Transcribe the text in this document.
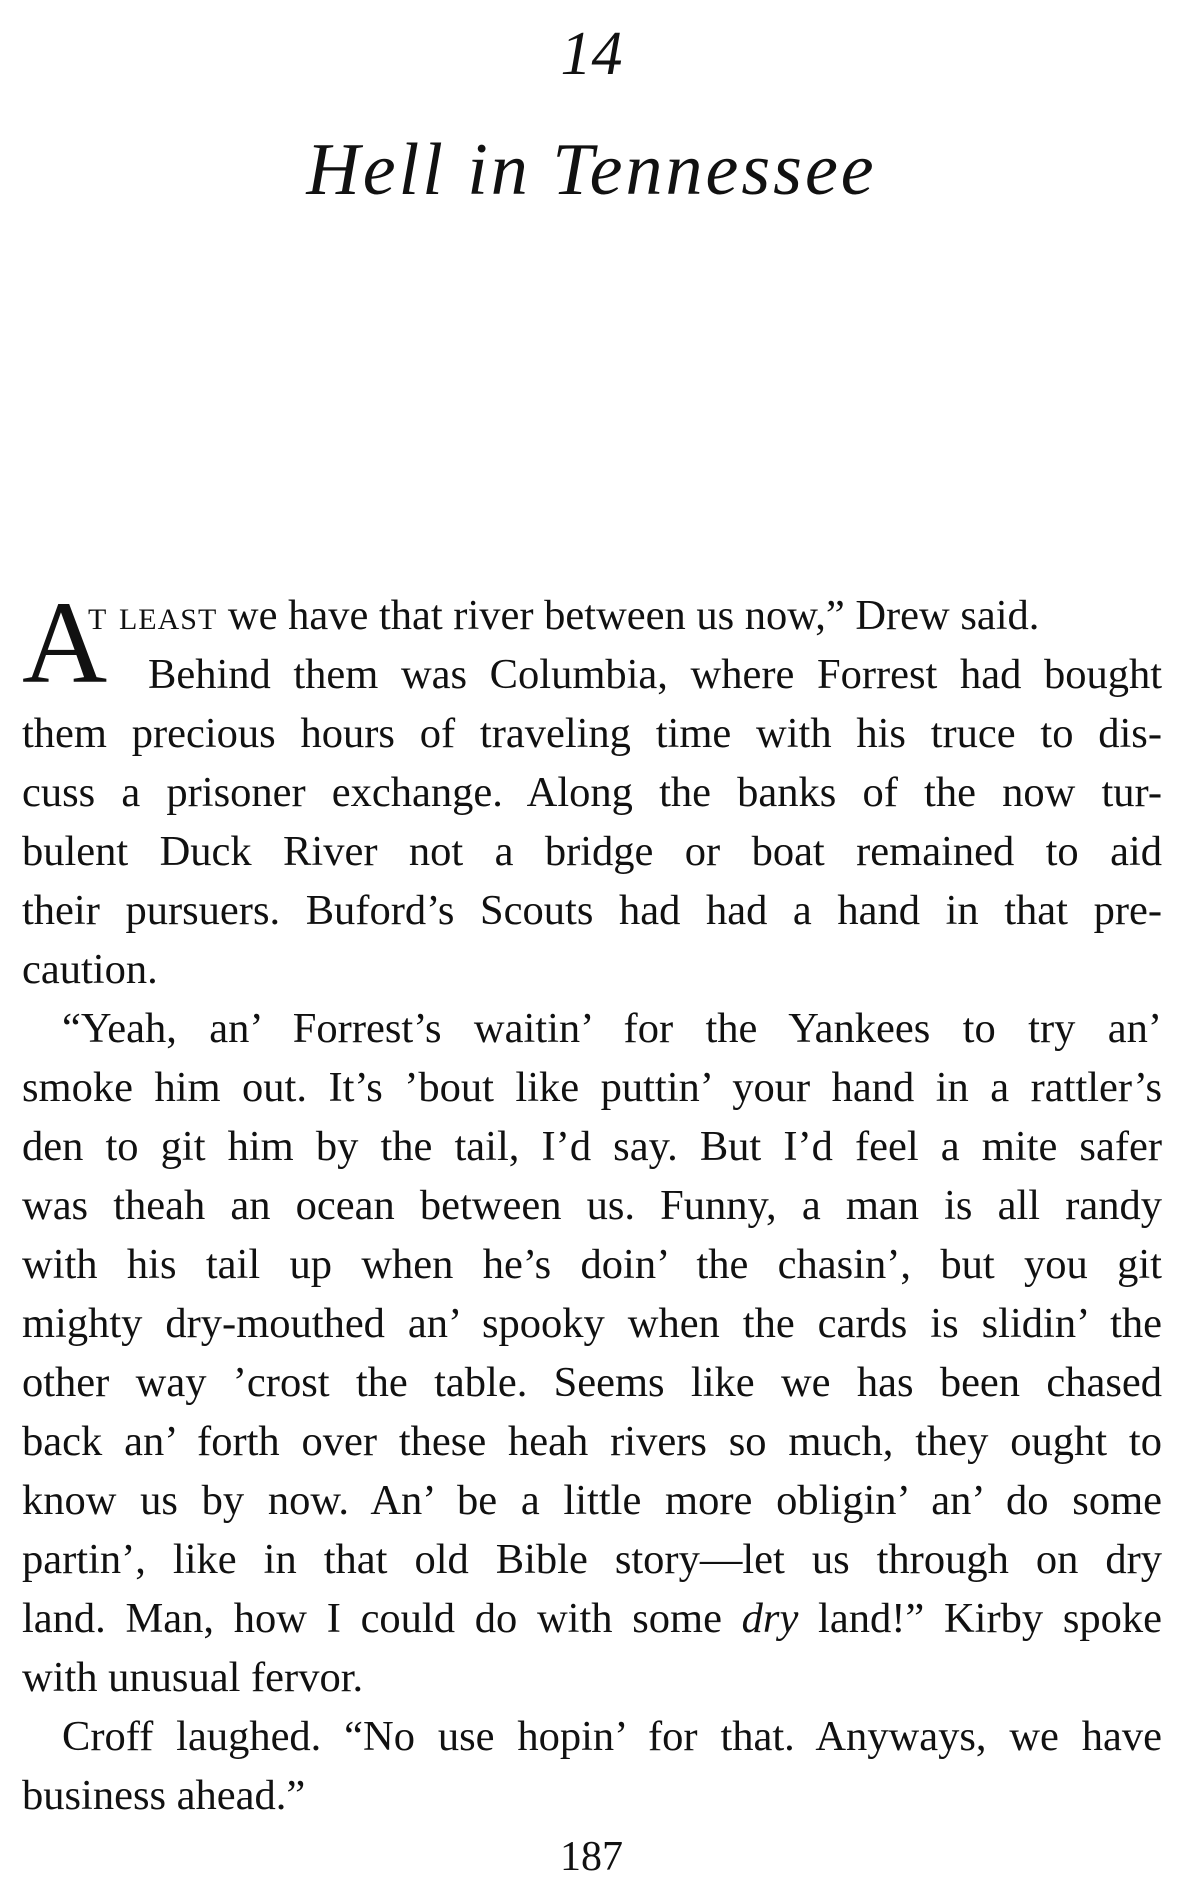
14
Hell in Tennessee
A
t least we have that river between us now,” Drew said.
Behind them was Columbia, where Forrest had bought
them precious hours of traveling time with his truce to dis-
cuss a prisoner exchange. Along the banks of the now tur-
bulent Duck River not a bridge or boat remained to aid
their pursuers. Buford’s Scouts had had a hand in that pre-
caution.
“Yeah, an’ Forrest’s waitin’ for the Yankees to try an’
smoke him out. It’s ’bout like puttin’ your hand in a rattler’s
den to git him by the tail, I’d say. But I’d feel a mite safer
was theah an ocean between us. Funny, a man is all randy
with his tail up when he’s doin’ the chasin’, but you git
mighty dry-mouthed an’ spooky when the cards is slidin’ the
other way ’crost the table. Seems like we has been chased
back an’ forth over these heah rivers so much, they ought to
know us by now. An’ be a little more obligin’ an’ do some
partin’, like in that old Bible story—let us through on dry
land. Man, how I could do with some dry land!” Kirby spoke
with unusual fervor.
Croff laughed. “No use hopin’ for that. Anyways, we have
business ahead.”
187
